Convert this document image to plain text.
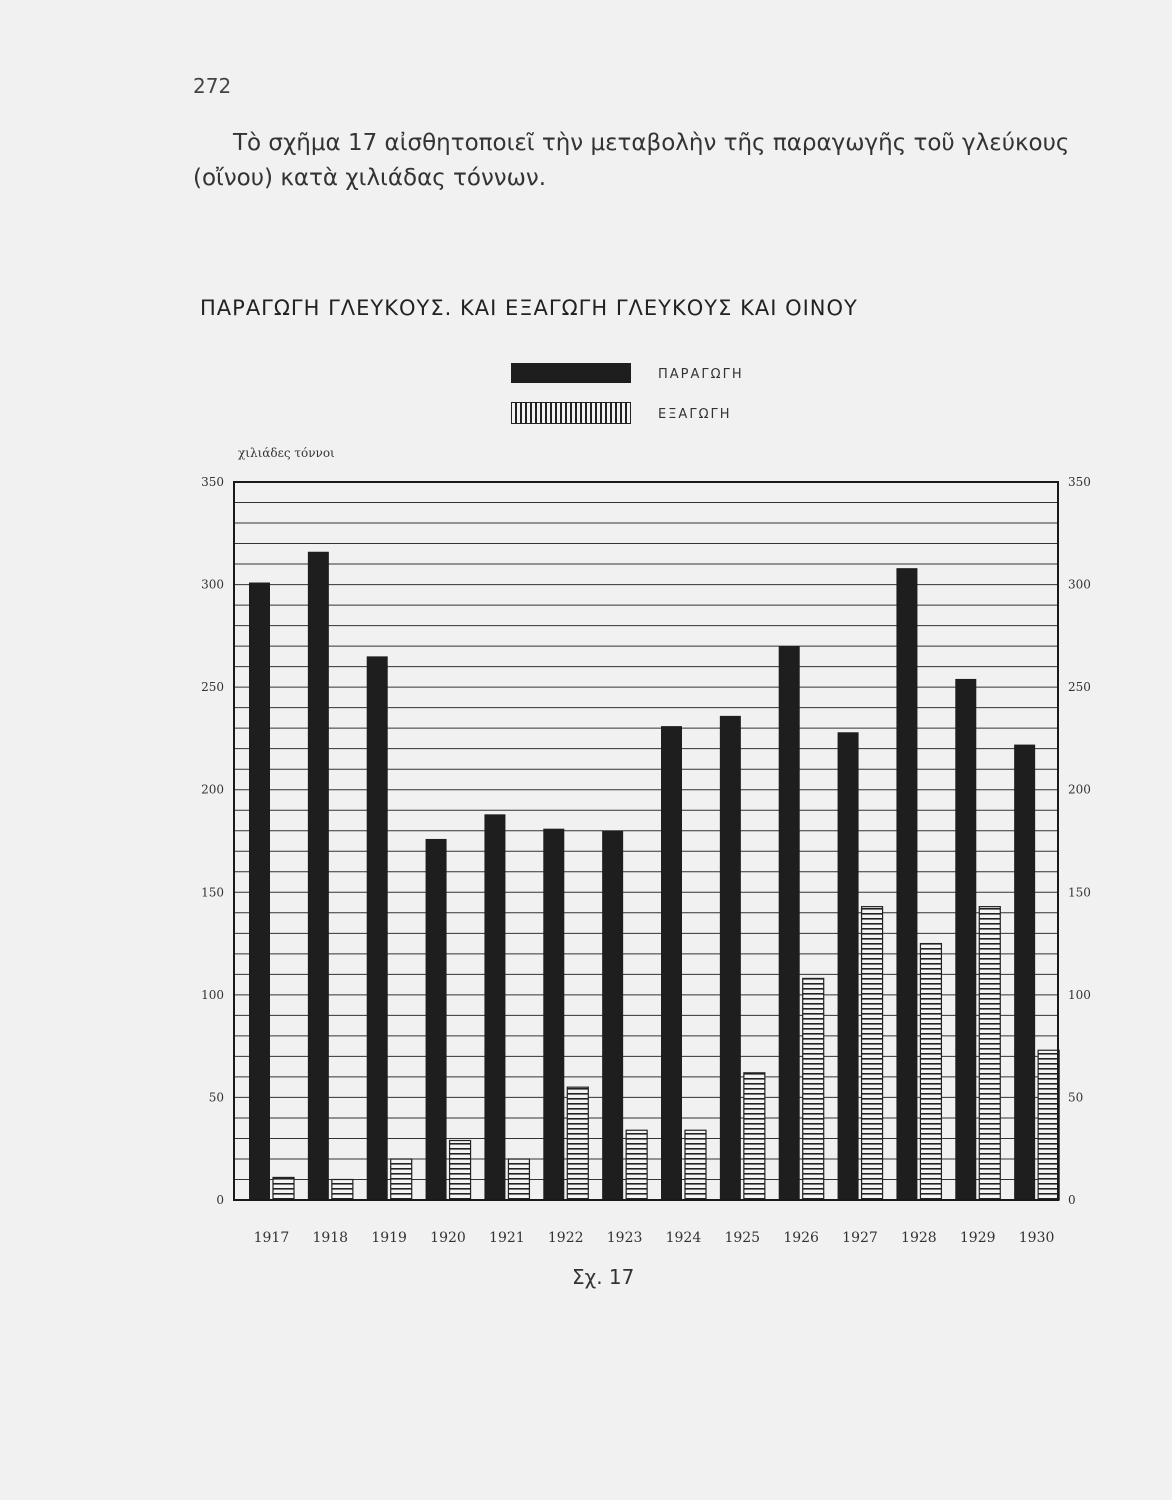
272
Τὸ σχῆμα 17 αἰσθητοποιεῖ τὴν μεταβολὴν τῆς παραγωγῆς τοῦ γλεύκους (οἴνου) κατὰ χιλιάδας τόννων.
ΠΑΡΑΓΩΓΗ ΓΛΕΥΚΟΥΣ. ΚΑΙ ΕΞΑΓΩΓΗ ΓΛΕΥΚΟΥΣ ΚΑΙ ΟΙΝΟΥ
ΠΑΡΑΓΩΓΗ
ΕΞΑΓΩΓΗ
χιλιάδες τόννοι
0	0
50	50
100	100
150	150
200	200
250	250
300	300
350	350
1917 1918 1919 1920 1921 1922 1923 1924 1925 1926 1927 1928 1929 1930
Σχ. 17
